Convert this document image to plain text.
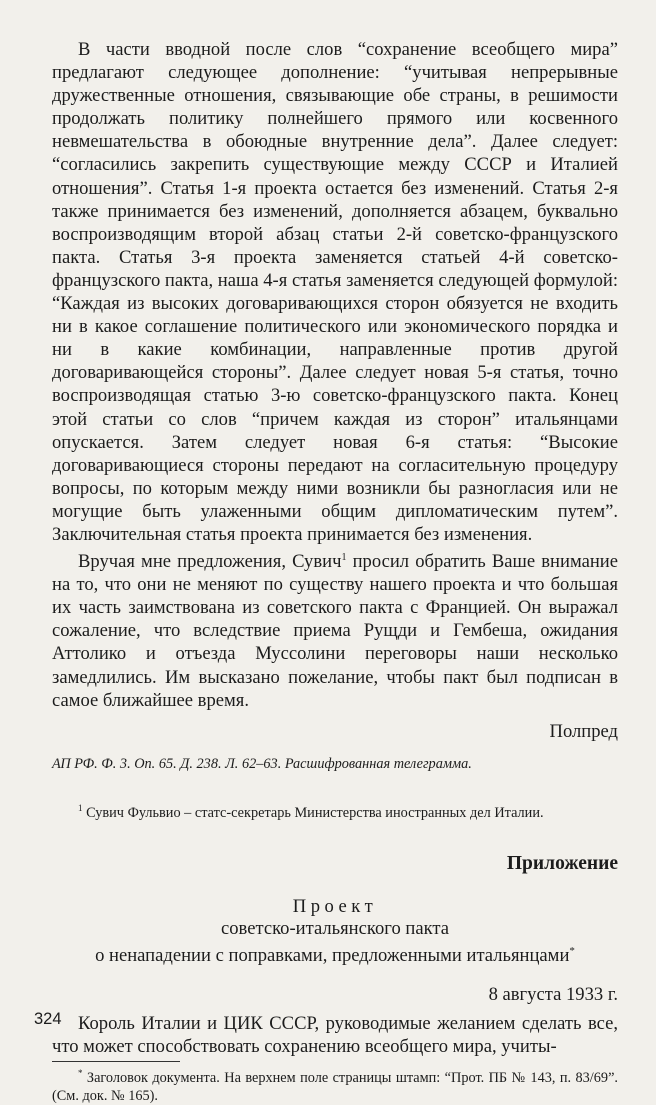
В части вводной после слов “сохранение всеобщего мира” предлагают следующее дополнение: “учитывая непрерывные дружественные отношения, связывающие обе страны, в решимости продолжать политику полнейшего прямого или косвенного невмешательства в обоюдные внутренние дела”. Далее следует: “согласились закрепить существующие между СССР и Италией отношения”. Статья 1-я проекта остается без изменений. Статья 2-я также принимается без изменений, дополняется абзацем, буквально воспроизводящим второй абзац статьи 2-й советско-французского пакта. Статья 3-я проекта заменяется статьей 4-й советско-французского пакта, наша 4-я статья заменяется следующей формулой: “Каждая из высоких договаривающихся сторон обязуется не входить ни в какое соглашение политического или экономического порядка и ни в какие комбинации, направленные против другой договаривающейся стороны”. Далее следует новая 5-я статья, точно воспроизводящая статью 3-ю советско-французского пакта. Конец этой статьи со слов “причем каждая из сторон” итальянцами опускается. Затем следует новая 6-я статья: “Высокие договаривающиеся стороны передают на согласительную процедуру вопросы, по которым между ними возникли бы разногласия или не могущие быть улаженными общим дипломатическим путем”. Заключительная статья проекта принимается без изменения.

Вручая мне предложения, Сувич$^1$ просил обратить Ваше внимание на то, что они не меняют по существу нашего проекта и что большая их часть заимствована из советского пакта с Францией. Он выражал сожаление, что вследствие приема Рущди и Гембеша, ожидания Аттолико и отъезда Муссолини переговоры наши несколько замедлились. Им высказано пожелание, чтобы пакт был подписан в самое ближайшее время.

Полпред

АП РФ. Ф. 3. Оп. 65. Д. 238. Л. 62–63. Расшифрованная телеграмма.

$^1$ Сувич Фульвио – статс-секретарь Министерства иностранных дел Италии.

Приложение

Проект
советско-итальянского пакта
о ненападении с поправками, предложенными итальянцами*

8 августа 1933 г.

Король Италии и ЦИК СССР, руководимые желанием сделать все, что может способствовать сохранению всеобщего мира, учиты-

* Заголовок документа. На верхнем поле страницы штамп: “Прот. ПБ № 143, п. 83/69”. (См. док. № 165).

324
